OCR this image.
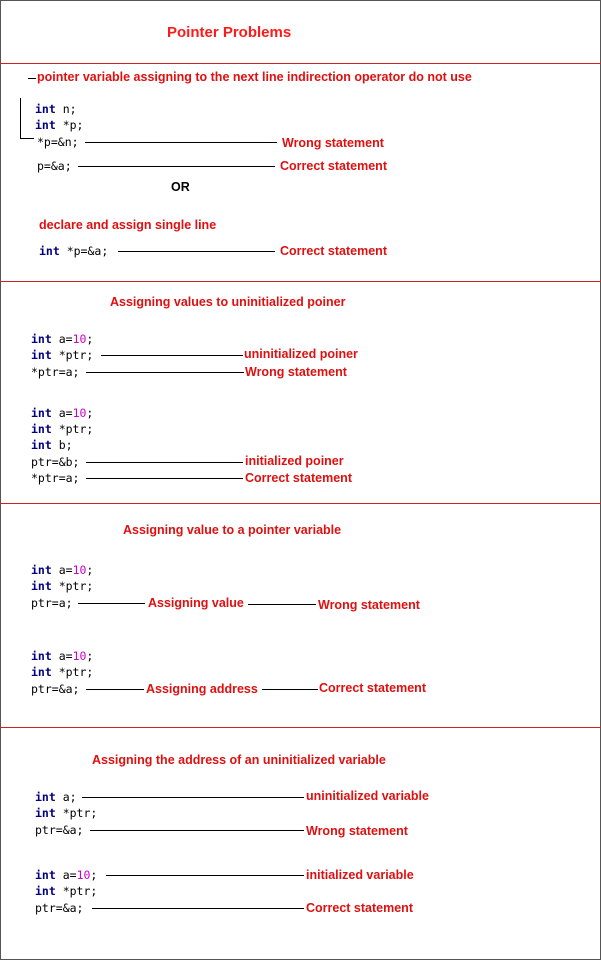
Pointer Problems
pointer variable assigning to the next line indirection operator do not use
int n;
int *p;
*p=&n;	Wrong statement
p=&a;	Correct statement
OR
declare and assign single line
int *p=&a;	Correct statement
Assigning values to uninitialized poiner
int a=10;
int *ptr;	uninitialized poiner
*ptr=a;	Wrong statement
int a=10;
int *ptr;
int b;
ptr=&b;	initialized poiner
*ptr=a;	Correct statement
Assigning value to a pointer variable
int a=10;
int *ptr;
ptr=a;	Assigning value	Wrong statement
int a=10;
int *ptr;
ptr=&a;	Assigning address	Correct statement
Assigning the address of an uninitialized variable
int a;	uninitialized variable
int *ptr;
ptr=&a;	Wrong statement
int a=10;	initialized variable
int *ptr;
ptr=&a;	Correct statement
